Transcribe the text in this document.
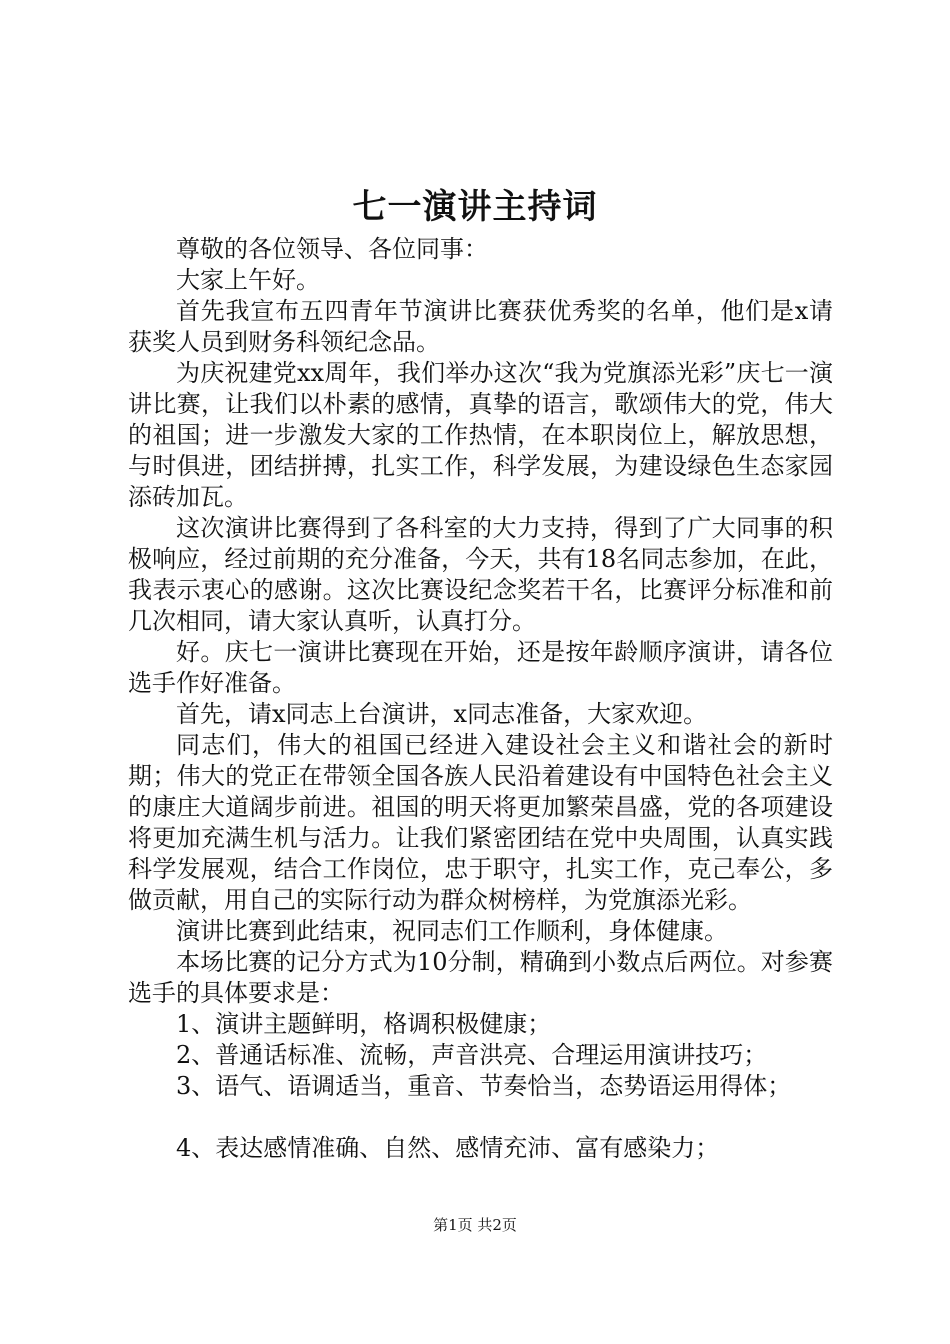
七一演讲主持词

尊敬的各位领导、各位同事：

大家上午好。

首先我宣布五四青年节演讲比赛获优秀奖的名单，他们是x请获奖人员到财务科领纪念品。

为庆祝建党xx周年，我们举办这次“我为党旗添光彩”庆七一演讲比赛，让我们以朴素的感情，真挚的语言，歌颂伟大的党，伟大的祖国；进一步激发大家的工作热情，在本职岗位上，解放思想，与时俱进，团结拼搏，扎实工作，科学发展，为建设绿色生态家园添砖加瓦。

这次演讲比赛得到了各科室的大力支持，得到了广大同事的积极响应，经过前期的充分准备，今天，共有18名同志参加，在此，我表示衷心的感谢。这次比赛设纪念奖若干名，比赛评分标准和前几次相同，请大家认真听，认真打分。

好。庆七一演讲比赛现在开始，还是按年龄顺序演讲，请各位选手作好准备。

首先，请x同志上台演讲，x同志准备，大家欢迎。

同志们，伟大的祖国已经进入建设社会主义和谐社会的新时期；伟大的党正在带领全国各族人民沿着建设有中国特色社会主义的康庄大道阔步前进。祖国的明天将更加繁荣昌盛，党的各项建设将更加充满生机与活力。让我们紧密团结在党中央周围，认真实践科学发展观，结合工作岗位，忠于职守，扎实工作，克己奉公，多做贡献，用自己的实际行动为群众树榜样，为党旗添光彩。

演讲比赛到此结束，祝同志们工作顺利，身体健康。

本场比赛的记分方式为10分制，精确到小数点后两位。对参赛选手的具体要求是：

1、演讲主题鲜明，格调积极健康；

2、普通话标准、流畅，声音洪亮、合理运用演讲技巧；

3、语气、语调适当，重音、节奏恰当，态势语运用得体；

4、表达感情准确、自然、感情充沛、富有感染力；

第1页 共2页
